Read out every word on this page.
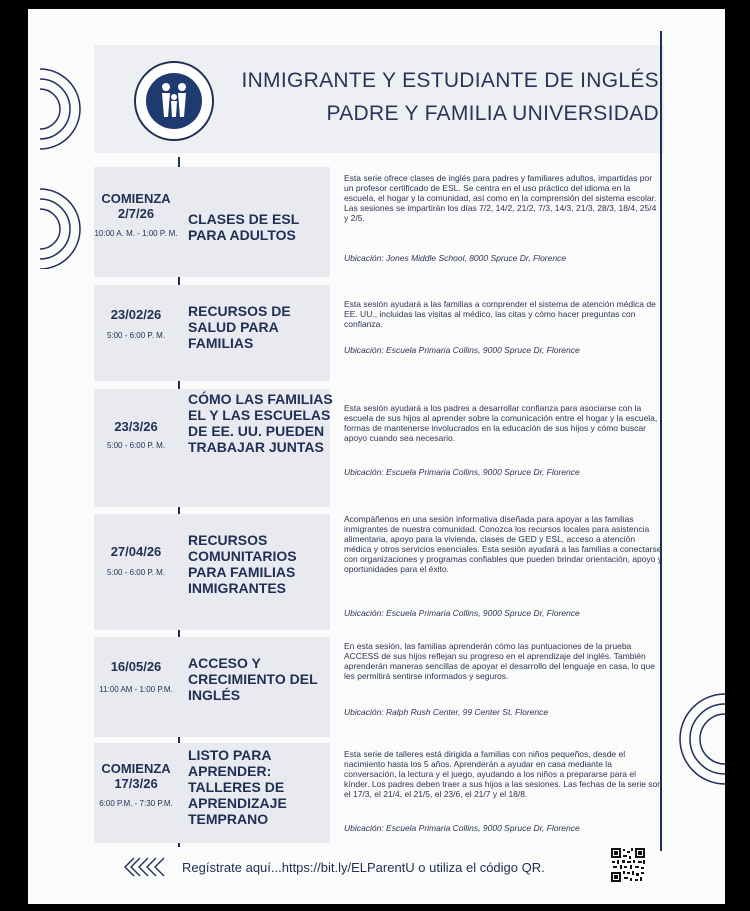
INMIGRANTE Y ESTUDIANTE DE INGLÉS
PADRE Y FAMILIA UNIVERSIDAD
COMIENZA 2/7/26
10:00 A. M. - 1:00 P. M.
CLASES DE ESL PARA ADULTOS
Esta serie ofrece clases de inglés para padres y familiares adultos, impartidas por un profesor certificado de ESL. Se centra en el uso práctico del idioma en la escuela, el hogar y la comunidad, así como en la comprensión del sistema escolar. Las sesiones se impartirán los días 7/2, 14/2, 21/2, 7/3, 14/3, 21/3, 28/3, 18/4, 25/4 y 2/5.
Ubicación: Jones Middle School, 8000 Spruce Dr, Florence
23/02/26
5:00 - 6:00 P. M.
RECURSOS DE SALUD PARA FAMILIAS
Esta sesión ayudará a las familias a comprender el sistema de atención médica de EE. UU., incluidas las visitas al médico, las citas y cómo hacer preguntas con confianza.
Ubicación: Escuela Primaria Collins, 9000 Spruce Dr, Florence
23/3/26
5:00 - 6:00 P. M.
CÓMO LAS FAMILIAS EL Y LAS ESCUELAS DE EE. UU. PUEDEN TRABAJAR JUNTAS
Esta sesión ayudará a los padres a desarrollar confianza para asociarse con la escuela de sus hijos al aprender sobre la comunicación entre el hogar y la escuela, formas de mantenerse involucrados en la educación de sus hijos y cómo buscar apoyo cuando sea necesario.
Ubicación: Escuela Primaria Collins, 9000 Spruce Dr, Florence
27/04/26
5:00 - 6:00 P. M.
RECURSOS COMUNITARIOS PARA FAMILIAS INMIGRANTES
Acompáñenos en una sesión informativa diseñada para apoyar a las familias inmigrantes de nuestra comunidad. Conozca los recursos locales para asistencia alimentaria, apoyo para la vivienda, clases de GED y ESL, acceso a atención médica y otros servicios esenciales. Esta sesión ayudará a las familias a conectarse con organizaciones y programas confiables que pueden brindar orientación, apoyo y oportunidades para el éxito.
Ubicación: Escuela Primaria Collins, 9000 Spruce Dr, Florence
16/05/26
11:00 AM - 1:00 P.M.
ACCESO Y CRECIMIENTO DEL INGLÉS
En esta sesión, las familias aprenderán cómo las puntuaciones de la prueba ACCESS de sus hijos reflejan su progreso en el aprendizaje del inglés. También aprenderán maneras sencillas de apoyar el desarrollo del lenguaje en casa, lo que les permitirá sentirse informados y seguros.
Ubicación: Ralph Rush Center, 99 Center St, Florence
COMIENZA 17/3/26
6:00 P.M. - 7:30 P.M.
LISTO PARA APRENDER: TALLERES DE APRENDIZAJE TEMPRANO
Esta serie de talleres está dirigida a familias con niños pequeños, desde el nacimiento hasta los 5 años. Aprenderán a ayudar en casa mediante la conversación, la lectura y el juego, ayudando a los niños a prepararse para el kínder. Los padres deben traer a sus hijos a las sesiones. Las fechas de la serie son el 17/3, el 21/4, el 21/5, el 23/6, el 21/7 y el 18/8.
Ubicación: Escuela Primaria Collins, 9000 Spruce Dr, Florence
Regístrate aquí...https://bit.ly/ELParentU o utiliza el código QR.
